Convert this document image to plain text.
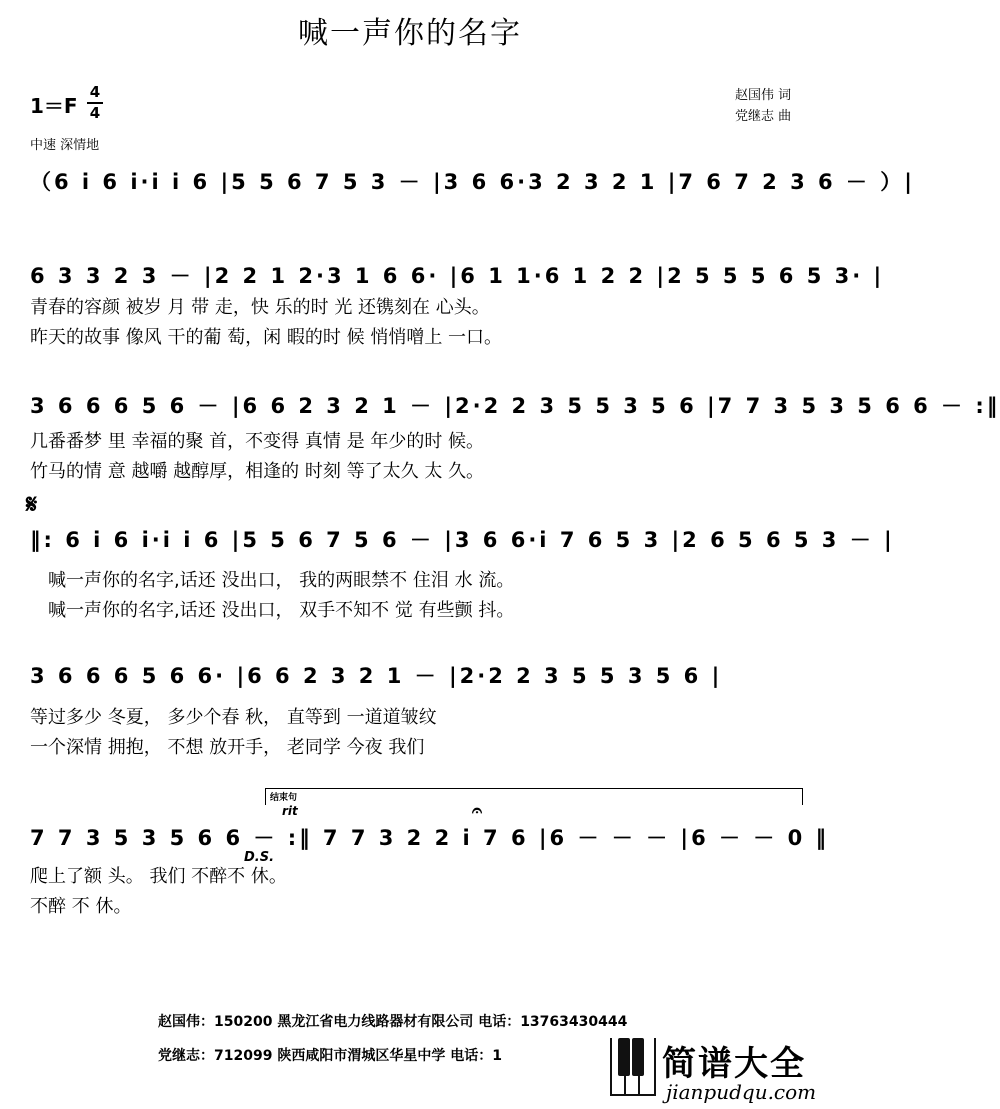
喊一声你的名字
1＝F
4
4
赵国伟 词
党继志 曲
中速 深情地
（6 i 6 i·i i 6 |5 5 6 7 5 3 － |3 6 6·3 2 3 2 1 |7 6 7 2 3 6 － ）|
6 3 3 2 3 － |2 2 1 2·3 1 6 6· |6 1 1·6 1 2 2 |2 5 5 5 6 5 3· |
青春的容颜 被岁 月 带 走，快 乐的时 光 还镌刻在 心头。
昨天的故事 像风 干的葡 萄，闲 暇的时 候 悄悄噌上 一口。
3 6 6 6 5 6 － |6 6 2 3 2 1 － |2·2 2 3 5 5 3 5 6 |7 7 3 5 3 5 6 6 － :‖
几番番梦 里 幸福的聚 首，不变得 真情 是 年少的时 候。
竹马的情 意 越嚼 越醇厚，相逢的 时刻 等了太久 太 久。
𝄋
‖: 6 i 6 i·i i 6 |5 5 6 7 5 6 － |3 6 6·i 7 6 5 3 |2 6 5 6 5 3 － |
喊一声你的名字,话还 没出口， 我的两眼禁不 住泪 水 流。
喊一声你的名字,话还 没出口， 双手不知不 觉 有些颤 抖。
3 6 6 6 5 6 6· |6 6 2 3 2 1 － |2·2 2 3 5 5 3 5 6 |
等过多少 冬夏， 多少个春 秋， 直等到 一道道皱纹
一个深情 拥抱， 不想 放开手， 老同学 今夜 我们
结束句
rit	𝄐
7 7 3 5 3 5 6 6 － :‖ 7 7 3 2 2 i 7 6 |6 － － － |6 － － 0 ‖
D.S.
爬上了额 头。 我们 不醉不 休。
不醉 不 休。
赵国伟：150200 黑龙江省电力线路器材有限公司 电话：13763430444
党继志：712099 陕西咸阳市渭城区华星中学 电话：1	简谱大全
jianpudqu.com
